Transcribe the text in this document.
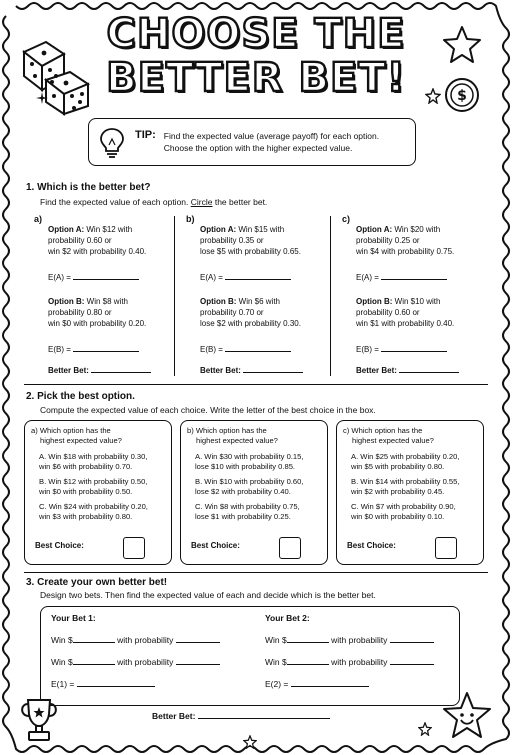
$
CHOOSE THE
BETTER BET!
TIP: Find the expected value (average payoff) for each option.
Choose the option with the higher expected value.
1. Which is the better bet?
Find the expected value of each option. Circle the better bet.
a)
Option A: Win $12 with
probability 0.60 or
win $2 with probability 0.40.
E(A) =
Option B: Win $8 with
probability 0.80 or
win $0 with probability 0.20.
E(B) =
Better Bet:
b)
Option A: Win $15 with
probability 0.35 or
lose $5 with probability 0.65.
E(A) =
Option B: Win $6 with
probability 0.70 or
lose $2 with probability 0.30.
E(B) =
Better Bet:
c)
Option A: Win $20 with
probability 0.25 or
win $4 with probability 0.75.
E(A) =
Option B: Win $10 with
probability 0.60 or
win $1 with probability 0.40.
E(B) =
Better Bet:
2. Pick the best option.
Compute the expected value of each choice. Write the letter of the best choice in the box.
a) Which option has the
highest expected value?
A. Win $18 with probability 0.30,
win $6 with probability 0.70.
B. Win $12 with probability 0.50,
win $0 with probability 0.50.
C. Win $24 with probability 0.20,
win $3 with probability 0.80.
Best Choice:
b) Which option has the
highest expected value?
A. Win $30 with probability 0.15,
lose $10 with probability 0.85.
B. Win $10 with probability 0.60,
lose $2 with probability 0.40.
C. Win $8 with probability 0.75,
lose $1 with probability 0.25.
Best Choice:
c) Which option has the
highest expected value?
A. Win $25 with probability 0.20,
win $5 with probability 0.80.
B. Win $14 with probability 0.55,
win $2 with probability 0.45.
C. Win $7 with probability 0.90,
win $0 with probability 0.10.
Best Choice:
3. Create your own better bet!
Design two bets. Then find the expected value of each and decide which is the better bet.
Your Bet 1:
Win $	with probability
Win $	with probability
E(1) =
Your Bet 2:
Win $	with probability
Win $	with probability
E(2) =
Better Bet:
